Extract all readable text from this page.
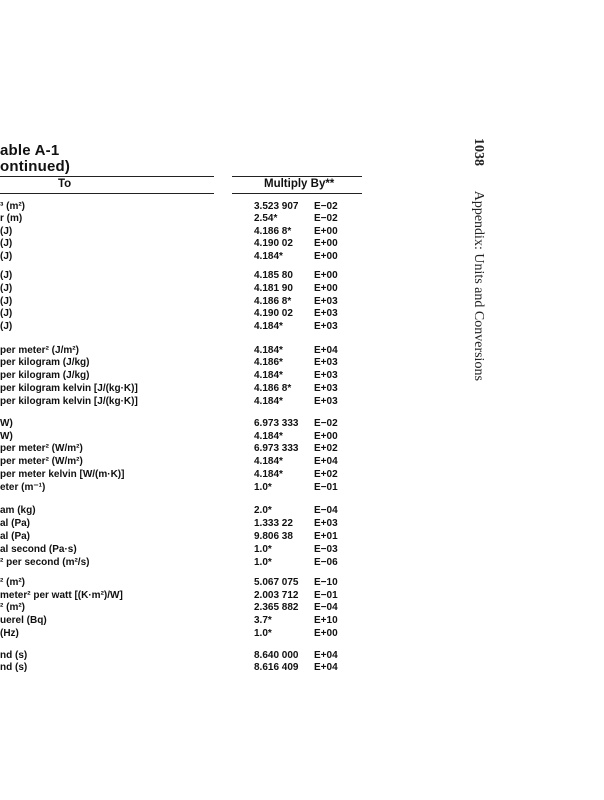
able A-1
ontinued)
To	Multiply By**
³ (m²)	3.523 907 E−02
r (m)	2.54*	E−02
(J)	4.186 8* E+00
(J)	4.190 02 E+00
(J)	4.184*	E+00
(J)	4.185 80 E+00
(J)	4.181 90 E+00
(J)	4.186 8* E+03
(J)	4.190 02 E+03
(J)	4.184*	E+03
per meter² (J/m²)	4.184*	E+04
per kilogram (J/kg)	4.186*	E+03
per kilogram (J/kg)	4.184*	E+03
per kilogram kelvin [J/(kg·K)]	4.186 8* E+03
per kilogram kelvin [J/(kg·K)]	4.184*	E+03
W)	6.973 333 E−02
W)	4.184*	E+00
per meter² (W/m²)	6.973 333 E+02
per meter² (W/m²)	4.184*	E+04
per meter kelvin [W/(m·K)]	4.184*	E+02
eter (m⁻¹)	1.0*	E−01
am (kg)	2.0*	E−04
al (Pa)	1.333 22 E+03
al (Pa)	9.806 38 E+01
al second (Pa·s)	1.0*	E−03
² per second (m²/s)	1.0*	E−06
² (m²)	5.067 075 E−10
meter² per watt [(K·m²)/W]	2.003 712 E−01
² (m²)	2.365 882 E−04
uerel (Bq)	3.7*	E+10
(Hz)	1.0*	E+00
nd (s)	8.640 000 E+04
nd (s)	8.616 409 E+04
1038 Appendix: Units and Conversions
